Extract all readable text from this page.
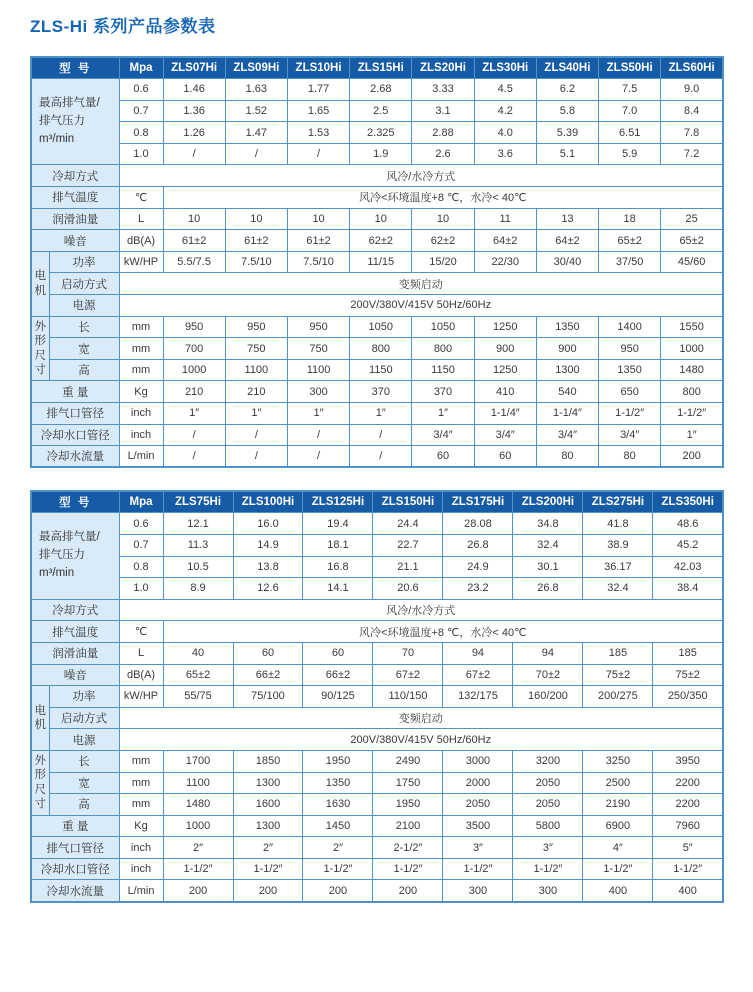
ZLS-Hi 系列产品参数表
型 号		Mpa	ZLS07Hi	ZLS09Hi	ZLS10Hi	ZLS15Hi	ZLS20Hi	ZLS30Hi	ZLS40Hi	ZLS50Hi	ZLS60Hi

最高排气量/
排气压力
m³/min		0.6	1.46	1.63	1.77	2.68	3.33	4.5	6.2	7.5	9.0
		0.7	1.36	1.52	1.65	2.5	3.1	4.2	5.8	7.0	8.4
		0.8	1.26	1.47	1.53	2.325	2.88	4.0	5.39	6.51	7.8
		1.0	/	/	/	1.9	2.6	3.6	5.1	5.9	7.2
冷却方式		风冷/水冷方式									
排气温度		℃	风冷<环境温度+8 ℃，水冷< 40℃								
润滑油量		L	10	10	10	10	10	11	13	18	25
噪音		dB(A)	61±2	61±2	61±2	62±2	62±2	64±2	64±2	65±2	65±2

电
机	功率	kW/HP	5.5/7.5	7.5/10	7.5/10	11/15	15/20	22/30	30/40	37/50	45/60
	启动方式	变频启动									
	电源	200V/380V/415V 50Hz/60Hz									

外
形
尺
寸	长	mm	950	950	950	1050	1050	1250	1350	1400	1550
	宽	mm	700	750	750	800	800	900	900	950	1000
	高	mm	1000	1100	1100	1150	1150	1250	1300	1350	1480
重 量		Kg	210	210	300	370	370	410	540	650	800
排气口管径		inch	1″	1″	1″	1″	1″	1-1/4″	1-1/4″	1-1/2″	1-1/2″
冷却水口管径		inch	/	/	/	/	3/4″	3/4″	3/4″	3/4″	1″
冷却水流量		L/min	/	/	/	/	60	60	80	80	200
型 号		Mpa	ZLS75Hi	ZLS100Hi	ZLS125Hi	ZLS150Hi	ZLS175Hi	ZLS200Hi	ZLS275Hi	ZLS350Hi

最高排气量/
排气压力
m³/min		0.6	12.1	16.0	19.4	24.4	28.08	34.8	41.8	48.6
		0.7	11.3	14.9	18.1	22.7	26.8	32.4	38.9	45.2
		0.8	10.5	13.8	16.8	21.1	24.9	30.1	36.17	42.03
		1.0	8.9	12.6	14.1	20.6	23.2	26.8	32.4	38.4
冷却方式		风冷/水冷方式								
排气温度		℃	风冷<环境温度+8 ℃，水冷< 40℃							
润滑油量		L	40	60	60	70	94	94	185	185
噪音		dB(A)	65±2	66±2	66±2	67±2	67±2	70±2	75±2	75±2

电
机	功率	kW/HP	55/75	75/100	90/125	110/150	132/175	160/200	200/275	250/350
	启动方式	变频启动								
	电源	200V/380V/415V 50Hz/60Hz								

外
形
尺
寸	长	mm	1700	1850	1950	2490	3000	3200	3250	3950
	宽	mm	1100	1300	1350	1750	2000	2050	2500	2200
	高	mm	1480	1600	1630	1950	2050	2050	2190	2200
重 量		Kg	1000	1300	1450	2100	3500	5800	6900	7960
排气口管径		inch	2″	2″	2″	2-1/2″	3″	3″	4″	5″
冷却水口管径		inch	1-1/2″	1-1/2″	1-1/2″	1-1/2″	1-1/2″	1-1/2″	1-1/2″	1-1/2″
冷却水流量		L/min	200	200	200	200	300	300	400	400
